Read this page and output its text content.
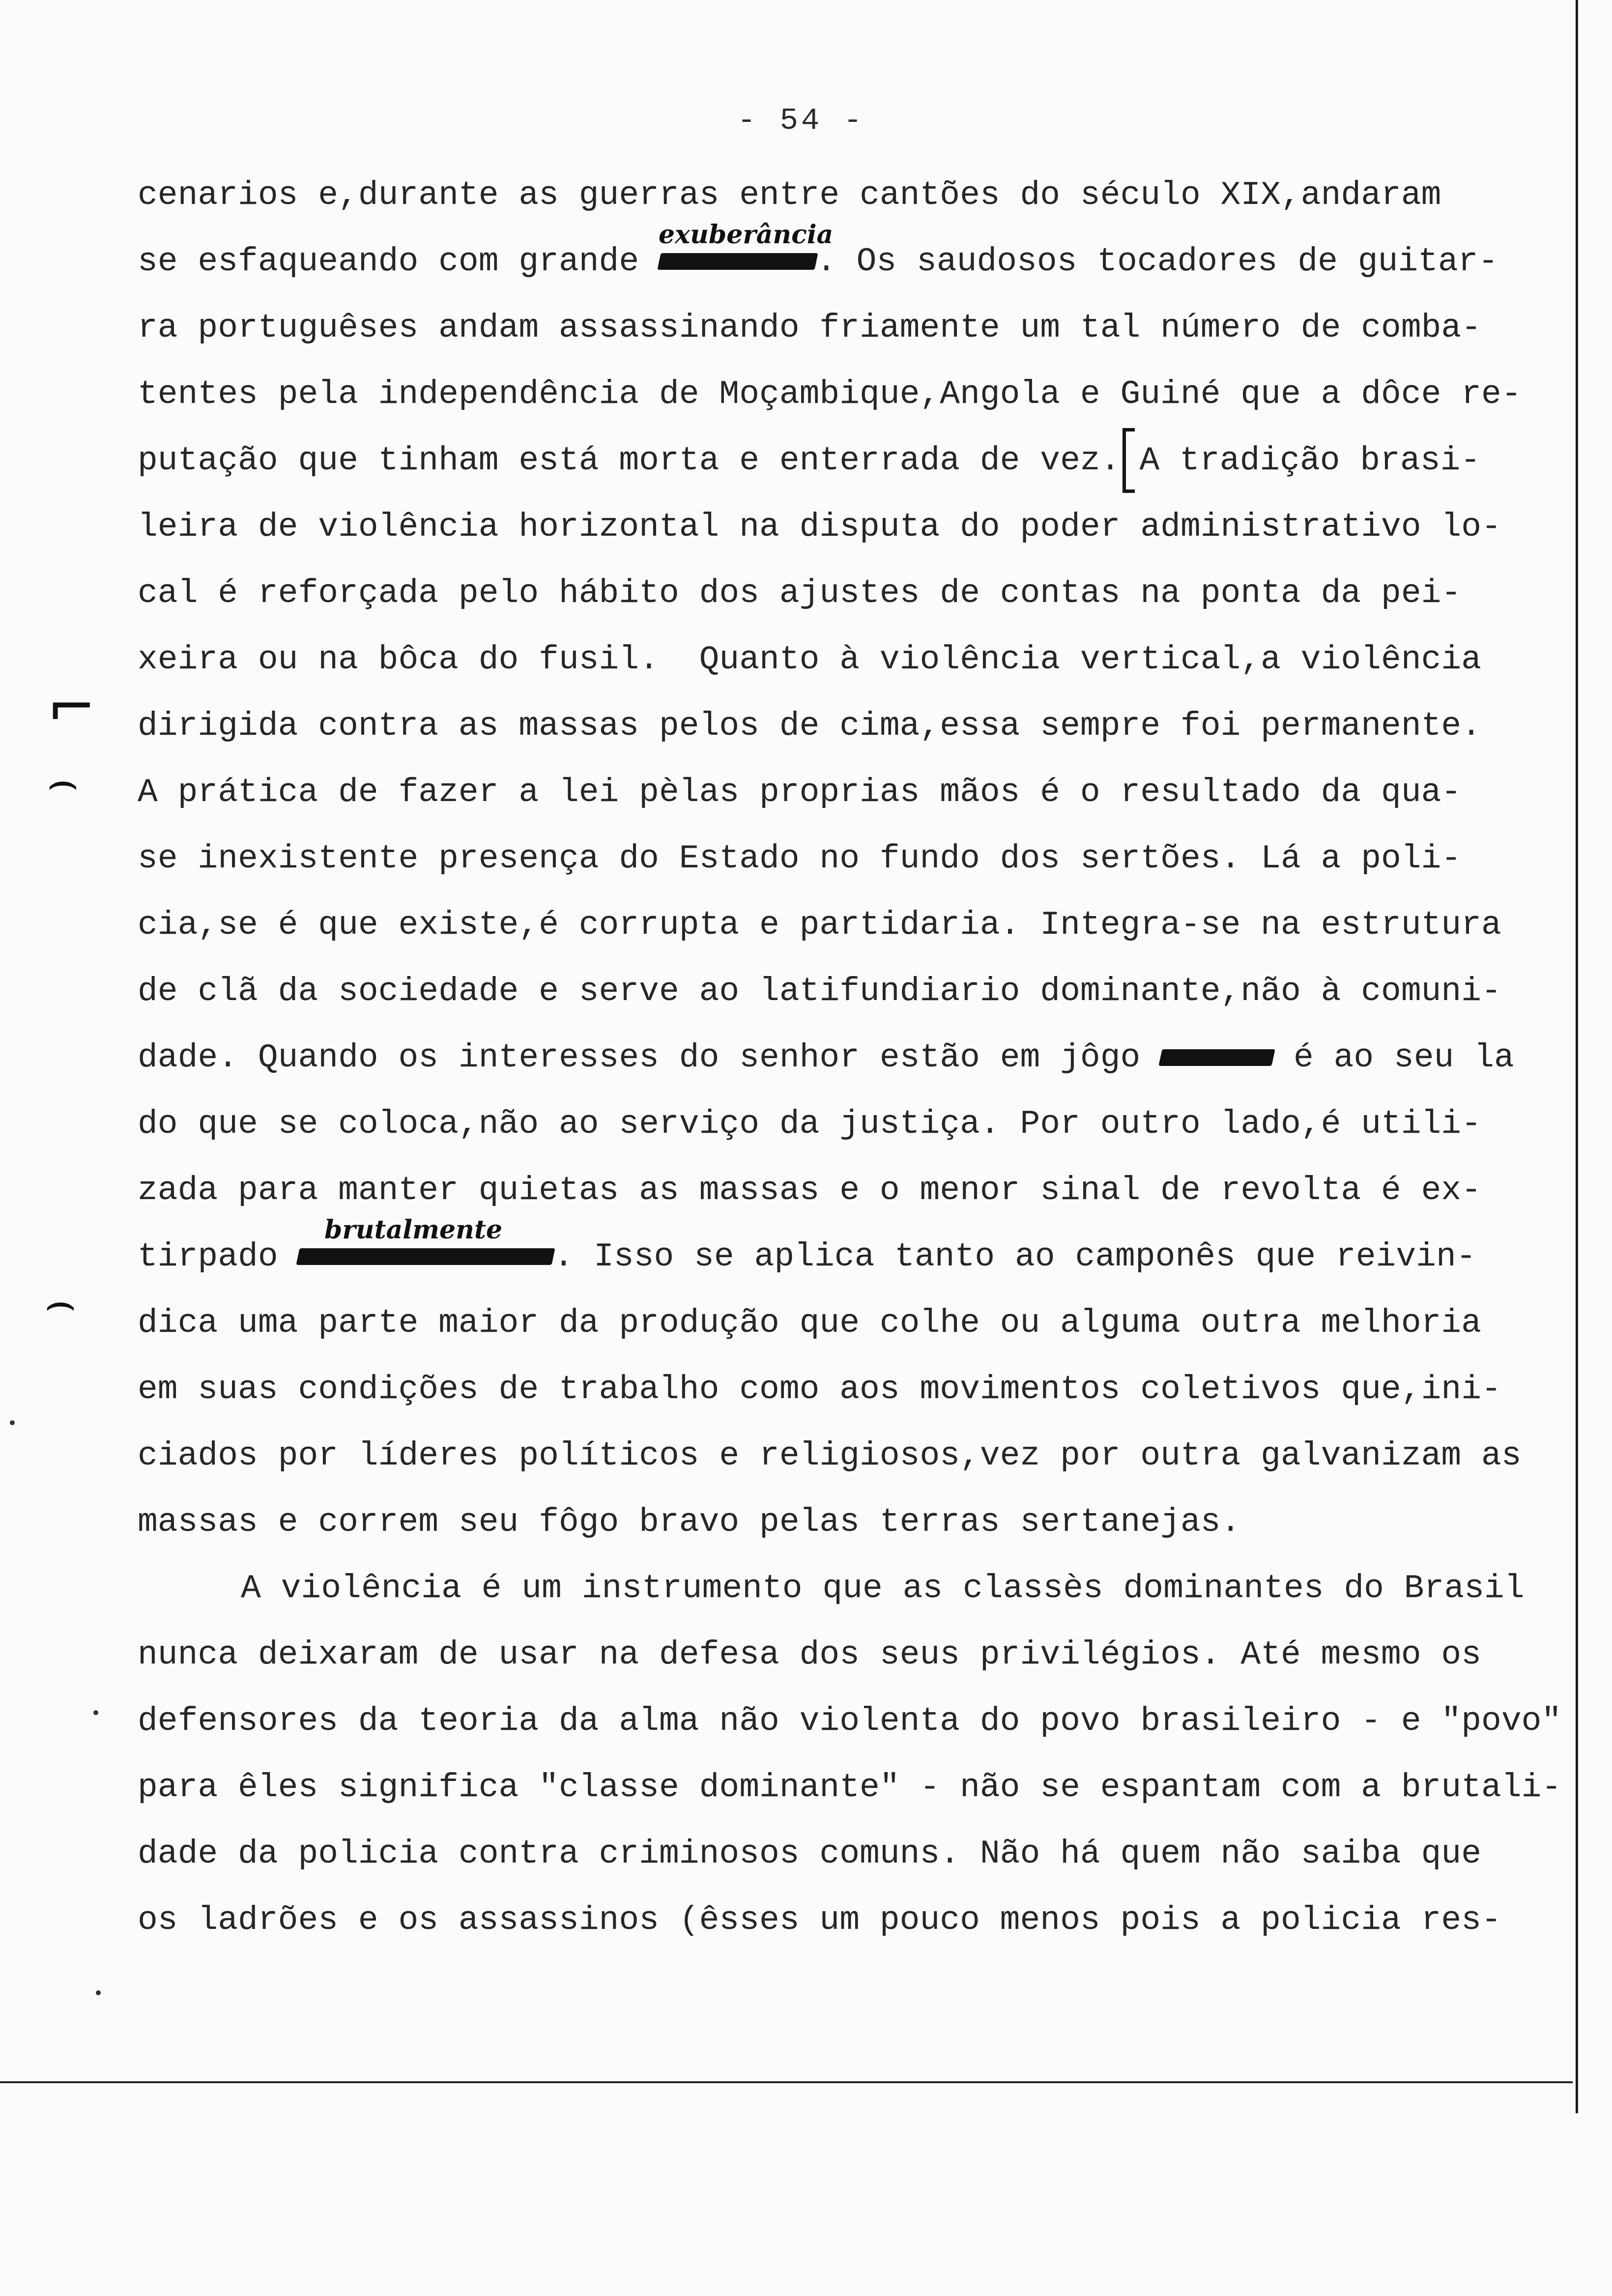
- 54 -
cenarios e,durante as guerras entre cantões do século XIX,andaram
se esfaqueando com grande	. Os saudosos tocadores de guitar-
exuberância
ra portuguêses andam assassinando friamente um tal número de comba-
tentes pela independência de Moçambique,Angola e Guiné que a dôce re-
putação que tinham está morta e enterrada de vez. A tradição brasi-
leira de violência horizontal na disputa do poder administrativo lo-
cal é reforçada pelo hábito dos ajustes de contas na ponta da pei-
xeira ou na bôca do fusil.  Quanto à violência vertical,a violência
dirigida contra as massas pelos de cima,essa sempre foi permanente.
A prática de fazer a lei pèlas proprias mãos é o resultado da qua-
se inexistente presença do Estado no fundo dos sertões. Lá a poli-
cia,se é que existe,é corrupta e partidaria. Integra-se na estrutura
de clã da sociedade e serve ao latifundiario dominante,não à comuni-
dade. Quando os interesses do senhor estão em jôgo	é ao seu la
do que se coloca,não ao serviço da justiça. Por outro lado,é utili-
zada para manter quietas as massas e o menor sinal de revolta é ex-
tirpado	. Isso se aplica tanto ao camponês que reivin-
brutalmente
dica uma parte maior da produção que colhe ou alguma outra melhoria
em suas condições de trabalho como aos movimentos coletivos que,ini-
ciados por líderes políticos e religiosos,vez por outra galvanizam as
massas e correm seu fôgo bravo pelas terras sertanejas.
A violência é um instrumento que as classès dominantes do Brasil
nunca deixaram de usar na defesa dos seus privilégios. Até mesmo os
defensores da teoria da alma não violenta do povo brasileiro - e "povo"
para êles significa "classe dominante" - não se espantam com a brutali-
dade da policia contra criminosos comuns. Não há quem não saiba que
os ladrões e os assassinos (êsses um pouco menos pois a policia res-
⌐
⌢
⌢
